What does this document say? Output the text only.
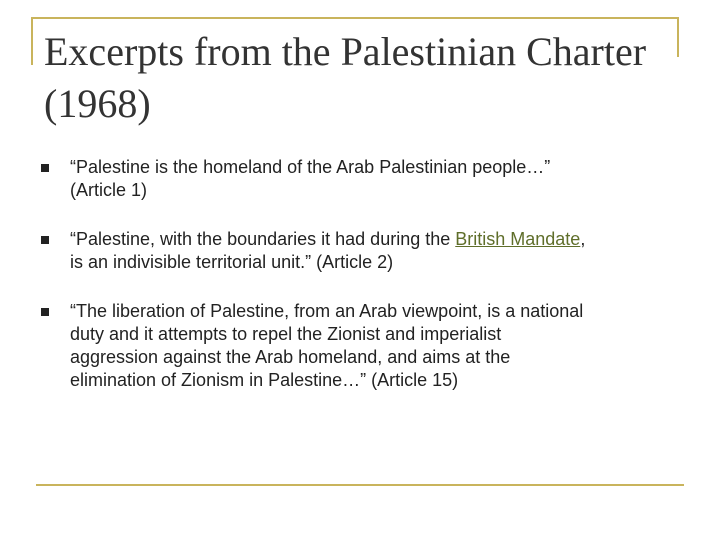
Excerpts from the Palestinian Charter
(1968)
“Palestine is the homeland of the Arab Palestinian people…”
(Article 1)
“Palestine, with the boundaries it had during the British Mandate,
is an indivisible territorial unit.” (Article 2)
“The liberation of Palestine, from an Arab viewpoint, is a national
duty and it attempts to repel the Zionist and imperialist
aggression against the Arab homeland, and aims at the
elimination of Zionism in Palestine…” (Article 15)
